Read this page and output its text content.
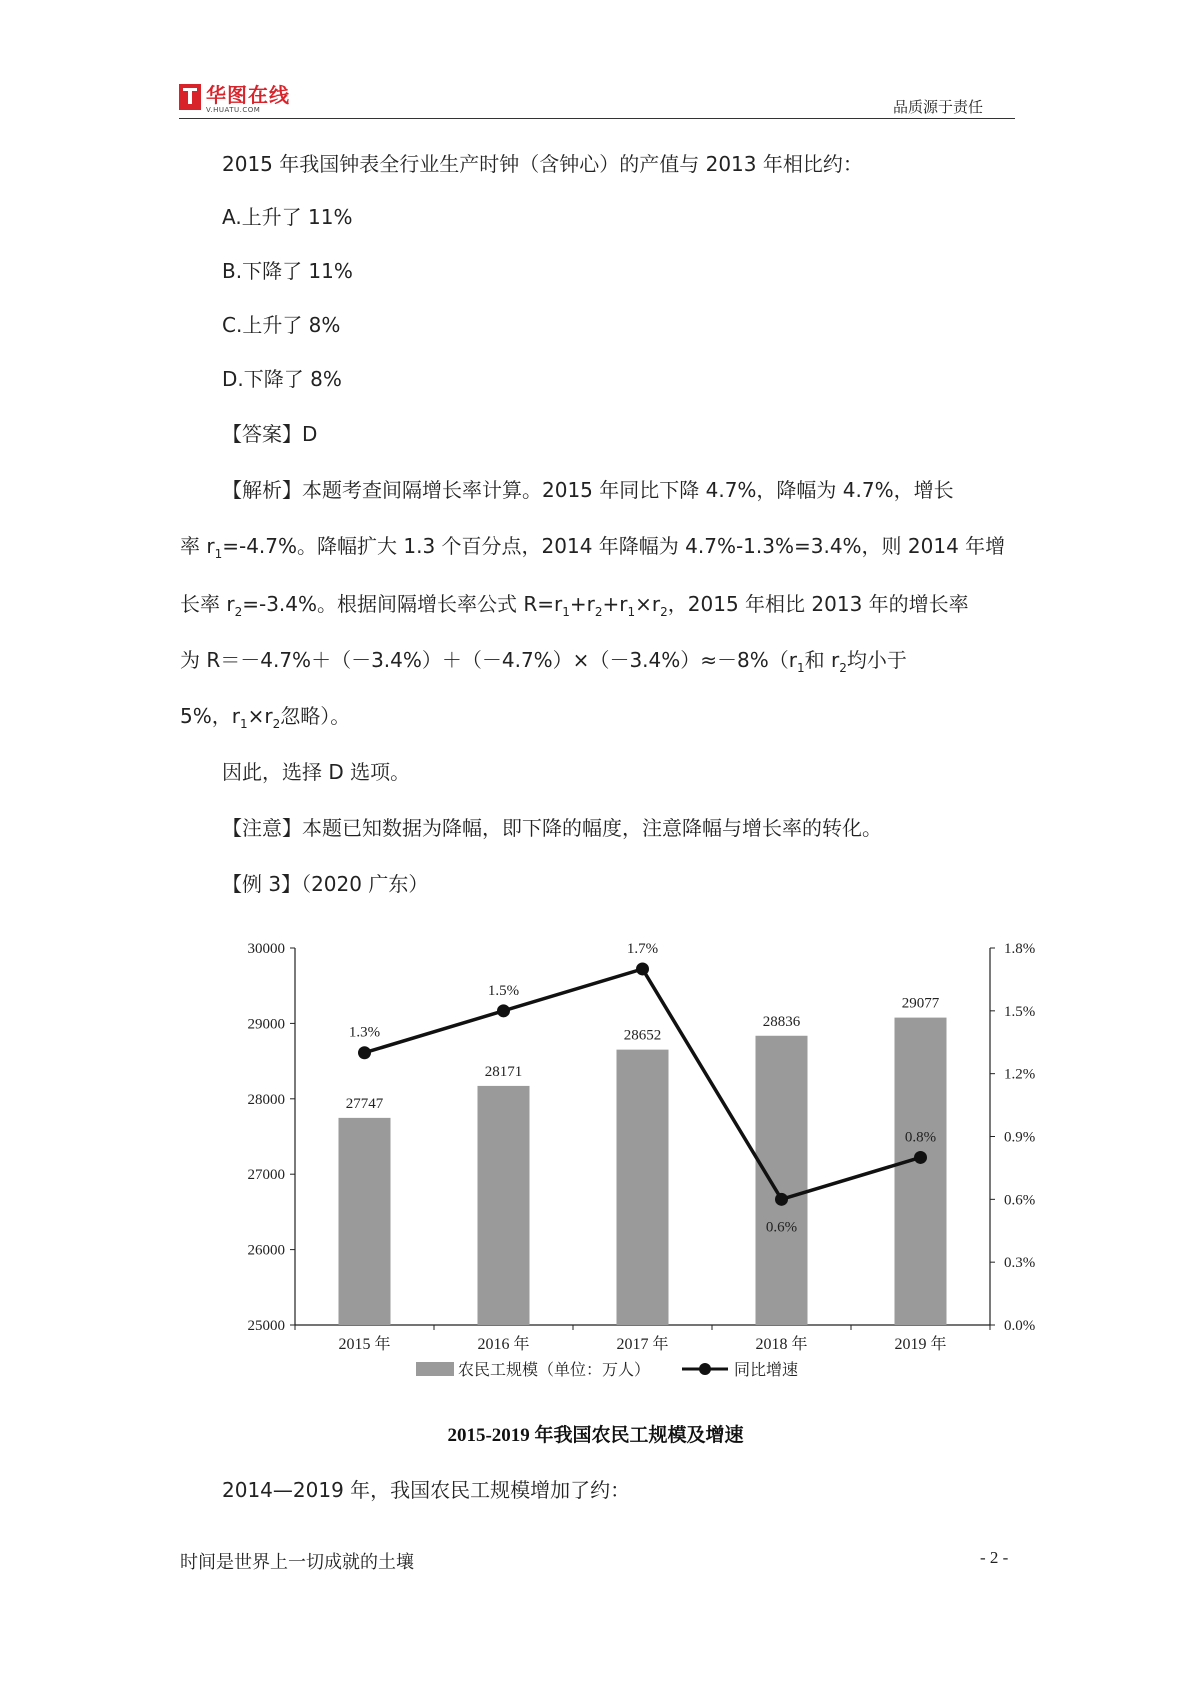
华图在线
V.HUATU.COM	品质源于责任
2015 年我国钟表全行业生产时钟（含钟心）的产值与 2013 年相比约：
A.上升了 11%
B.下降了 11%
C.上升了 8%
D.下降了 8%
【答案】D
【解析】本题考查间隔增长率计算。2015 年同比下降 4.7%，降幅为 4.7%，增长
率 $r_1=-4.7\%$。降幅扩大 1.3 个百分点，2014 年降幅为 4.7%-1.3%=3.4%，则 2014 年增
长率 $r_2=-3.4\%$。根据间隔增长率公式 $R=r_1+r_2+r_1\times r_2$，2015 年相比 2013 年的增长率
为 $R=-4.7\%+(-3.4\%)+(-4.7\%)\times(-3.4\%)\approx-8\%(r_1$和 $r_2$均小于
5%，$r_1\times r_2$忽略）。
因此，选择 D 选项。
【注意】本题已知数据为降幅，即下降的幅度，注意降幅与增长率的转化。
【例 3】（2020 广东）
25000
26000
27000
28000
29000
30000
0.0%
0.3%
0.6%
0.9%
1.2%
1.5%
1.8%
27747
28171
28652
28836
29077
2015 年	2016 年	2017 年	2018 年	2019 年
1.3%
1.5%
1.7%
0.6%
0.8%
农民工规模（单位：万人）	同比增速
2015-2019 年我国农民工规模及增速
2014—2019 年，我国农民工规模增加了约：
时间是世界上一切成就的土壤	- 2 -
